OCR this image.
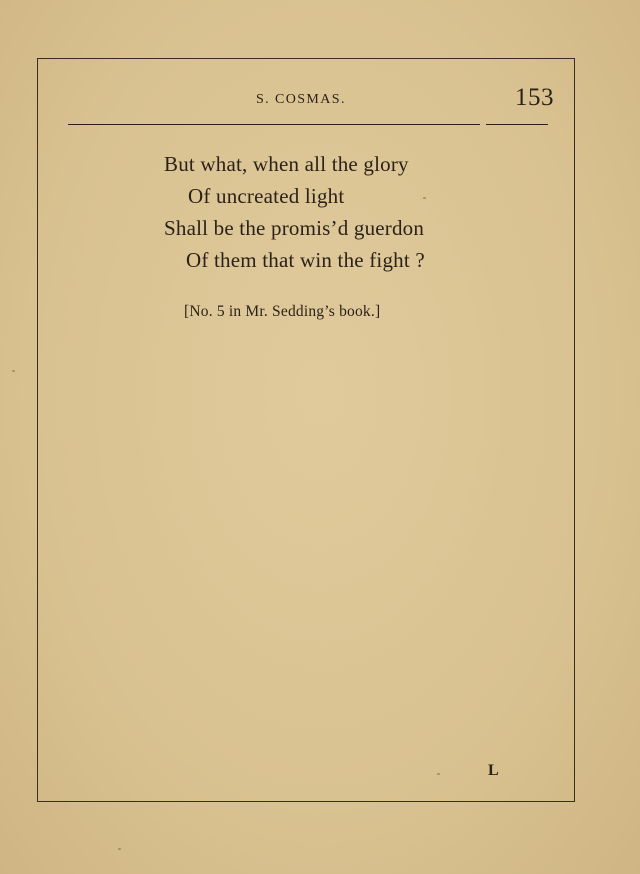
S. COSMAS.	153
But what, when all the glory
Of uncreated light
Shall be the promis’d guerdon
Of them that win the fight ?
[No. 5 in Mr. Sedding’s book.]
L
